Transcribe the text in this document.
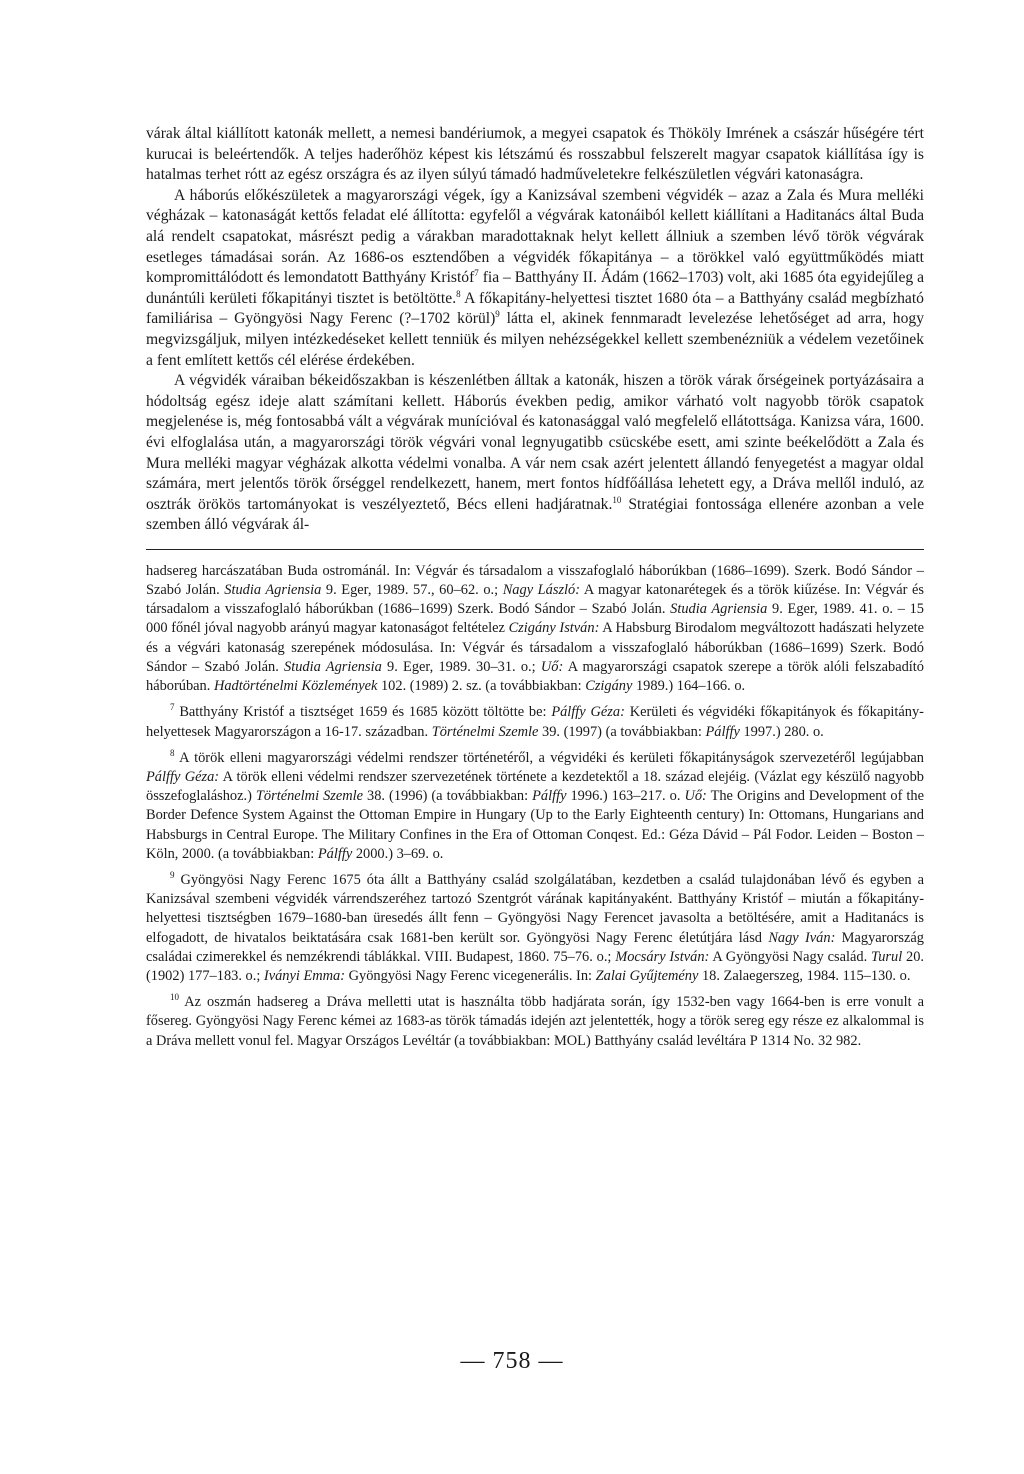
várak által kiállított katonák mellett, a nemesi bandériumok, a megyei csapatok és Thököly Imrének a császár hűségére tért kurucai is beleértendők. A teljes haderőhöz képest kis létszámú és rosszabbul felszerelt magyar csapatok kiállítása így is hatalmas terhet rótt az egész országra és az ilyen súlyú támadó hadműveletekre felkészületlen végvári katonaságra.

A háborús előkészületek a magyarországi végek, így a Kanizsával szembeni végvidék – azaz a Zala és Mura melléki végházak – katonaságát kettős feladat elé állította: egyfelől a végvárak katonáiból kellett kiállítani a Haditanács által Buda alá rendelt csapatokat, másrészt pedig a várakban maradottaknak helyt kellett állniuk a szemben lévő török végvárak esetleges támadásai során. Az 1686-os esztendőben a végvidék főkapitánya – a törökkel való együttműködés miatt kompromittálódott és lemondatott Batthyány Kristóf$^7$ fia – Batthyány II. Ádám (1662–1703) volt, aki 1685 óta egyidejűleg a dunántúli kerületi főkapitányi tisztet is betöltötte.$^8$ A főkapitány-helyettesi tisztet 1680 óta – a Batthyány család megbízható familiárisa – Gyöngyösi Nagy Ferenc (?–1702 körül)$^9$ látta el, akinek fennmaradt levelezése lehetőséget ad arra, hogy megvizsgáljuk, milyen intézkedéseket kellett tenniük és milyen nehézségekkel kellett szembenézniük a védelem vezetőinek a fent említett kettős cél elérése érdekében.

A végvidék váraiban békeidőszakban is készenlétben álltak a katonák, hiszen a török várak őrségeinek portyázásaira a hódoltság egész ideje alatt számítani kellett. Háborús években pedig, amikor várható volt nagyobb török csapatok megjelenése is, még fontosabbá vált a végvárak munícióval és katonasággal való megfelelő ellátottsága. Kanizsa vára, 1600. évi elfoglalása után, a magyarországi török végvári vonal legnyugatibb csücskébe esett, ami szinte beékelődött a Zala és Mura melléki magyar végházak alkotta védelmi vonalba. A vár nem csak azért jelentett állandó fenyegetést a magyar oldal számára, mert jelentős török őrséggel rendelkezett, hanem, mert fontos hídfőállása lehetett egy, a Dráva mellől induló, az osztrák örökös tartományokat is veszélyeztető, Bécs elleni hadjáratnak.$^{10}$ Stratégiai fontossága ellenére azonban a vele szemben álló végvárak ál-

hadsereg harcászatában Buda ostrománál. In: Végvár és társadalom a visszafoglaló háborúkban (1686–1699). Szerk. Bodó Sándor – Szabó Jolán. Studia Agriensia 9. Eger, 1989. 57., 60–62. o.; Nagy László: A magyar katonarétegek és a török kiűzése. In: Végvár és társadalom a visszafoglaló háborúkban (1686–1699) Szerk. Bodó Sándor – Szabó Jolán. Studia Agriensia 9. Eger, 1989. 41. o. – 15 000 főnél jóval nagyobb arányú magyar katonaságot feltételez Czigány István: A Habsburg Birodalom megváltozott hadászati helyzete és a végvári katonaság szerepének módosulása. In: Végvár és társadalom a visszafoglaló háborúkban (1686–1699) Szerk. Bodó Sándor – Szabó Jolán. Studia Agriensia 9. Eger, 1989. 30–31. o.; Uő: A magyarországi csapatok szerepe a török alóli felszabadító háborúban. Hadtörténelmi Közlemények 102. (1989) 2. sz. (a továbbiakban: Czigány 1989.) 164–166. o.

$^7$ Batthyány Kristóf a tisztséget 1659 és 1685 között töltötte be: Pálffy Géza: Kerületi és végvidéki főkapitányok és főkapitány-helyettesek Magyarországon a 16-17. században. Történelmi Szemle 39. (1997) (a továbbiakban: Pálffy 1997.) 280. o.

$^8$ A török elleni magyarországi védelmi rendszer történetéről, a végvidéki és kerületi főkapitányságok szervezetéről legújabban Pálffy Géza: A török elleni védelmi rendszer szervezetének története a kezdetektől a 18. század elejéig. (Vázlat egy készülő nagyobb összefoglaláshoz.) Történelmi Szemle 38. (1996) (a továbbiakban: Pálffy 1996.) 163–217. o. Uő: The Origins and Development of the Border Defence System Against the Ottoman Empire in Hungary (Up to the Early Eighteenth century) In: Ottomans, Hungarians and Habsburgs in Central Europe. The Military Confines in the Era of Ottoman Conqest. Ed.: Géza Dávid – Pál Fodor. Leiden – Boston – Köln, 2000. (a továbbiakban: Pálffy 2000.) 3–69. o.

$^9$ Gyöngyösi Nagy Ferenc 1675 óta állt a Batthyány család szolgálatában, kezdetben a család tulajdonában lévő és egyben a Kanizsával szembeni végvidék várrendszeréhez tartozó Szentgrót várának kapitányaként. Batthyány Kristóf – miután a főkapitány-helyettesi tisztségben 1679–1680-ban üresedés állt fenn – Gyöngyösi Nagy Ferencet javasolta a betöltésére, amit a Haditanács is elfogadott, de hivatalos beiktatására csak 1681-ben került sor. Gyöngyösi Nagy Ferenc életútjára lásd Nagy Iván: Magyarország családai czimerekkel és nemzékrendi táblákkal. VIII. Budapest, 1860. 75–76. o.; Mocsáry István: A Gyöngyösi Nagy család. Turul 20. (1902) 177–183. o.; Iványi Emma: Gyöngyösi Nagy Ferenc vicegenerális. In: Zalai Gyűjtemény 18. Zalaegerszeg, 1984. 115–130. o.

$^{10}$ Az oszmán hadsereg a Dráva melletti utat is használta több hadjárata során, így 1532-ben vagy 1664-ben is erre vonult a fősereg. Gyöngyösi Nagy Ferenc kémei az 1683-as török támadás idején azt jelentették, hogy a török sereg egy része ez alkalommal is a Dráva mellett vonul fel. Magyar Országos Levéltár (a továbbiakban: MOL) Batthyány család levéltára P 1314 No. 32 982.

— 758 —
